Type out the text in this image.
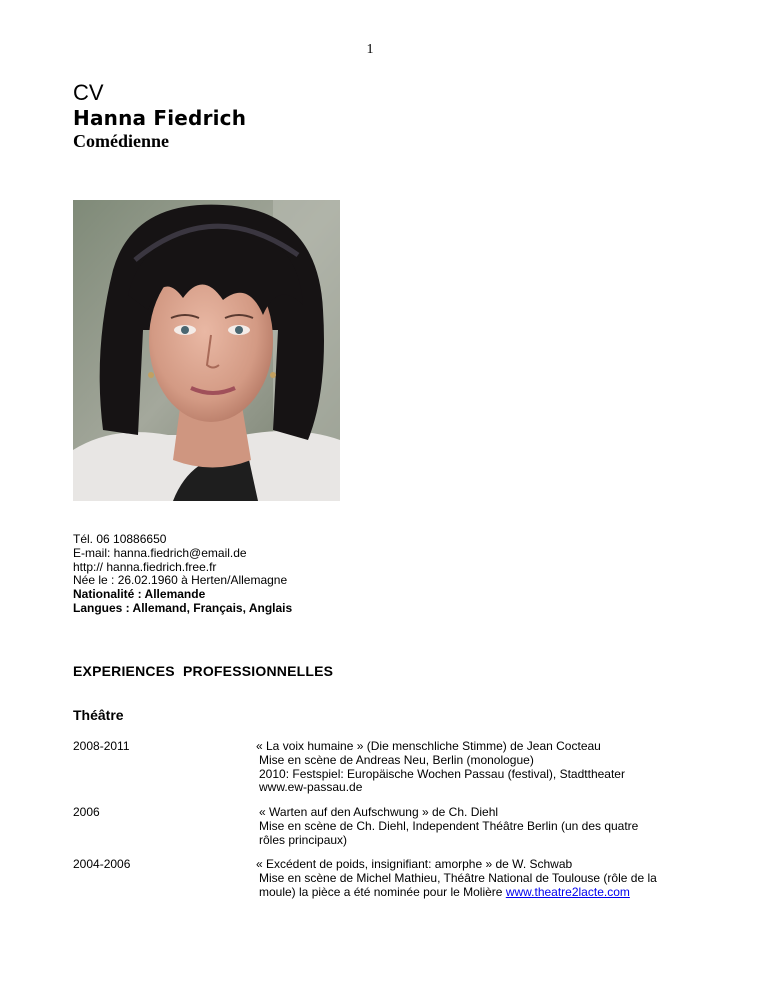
1
CV
Hanna Fiedrich
Comédienne
Tél. 06 10886650
E-mail: hanna.fiedrich@email.de
http:// hanna.fiedrich.free.fr
Née le : 26.02.1960 à Herten/Allemagne
Nationalité : Allemande
Langues : Allemand, Français, Anglais
EXPERIENCES  PROFESSIONNELLES
Théâtre
2008-2011	« La voix humaine » (Die menschliche Stimme) de Jean Cocteau
Mise en scène de Andreas Neu, Berlin (monologue)
2010: Festspiel: Europäische Wochen Passau (festival), Stadttheater
www.ew-passau.de
2006	« Warten auf den Aufschwung » de Ch. Diehl
Mise en scène de Ch. Diehl, Independent Théâtre Berlin (un des quatre
rôles principaux)
2004-2006	« Excédent de poids, insignifiant: amorphe » de W. Schwab
Mise en scène de Michel Mathieu, Théâtre National de Toulouse (rôle de la
moule) la pièce a été nominée pour le Molière www.theatre2lacte.com
